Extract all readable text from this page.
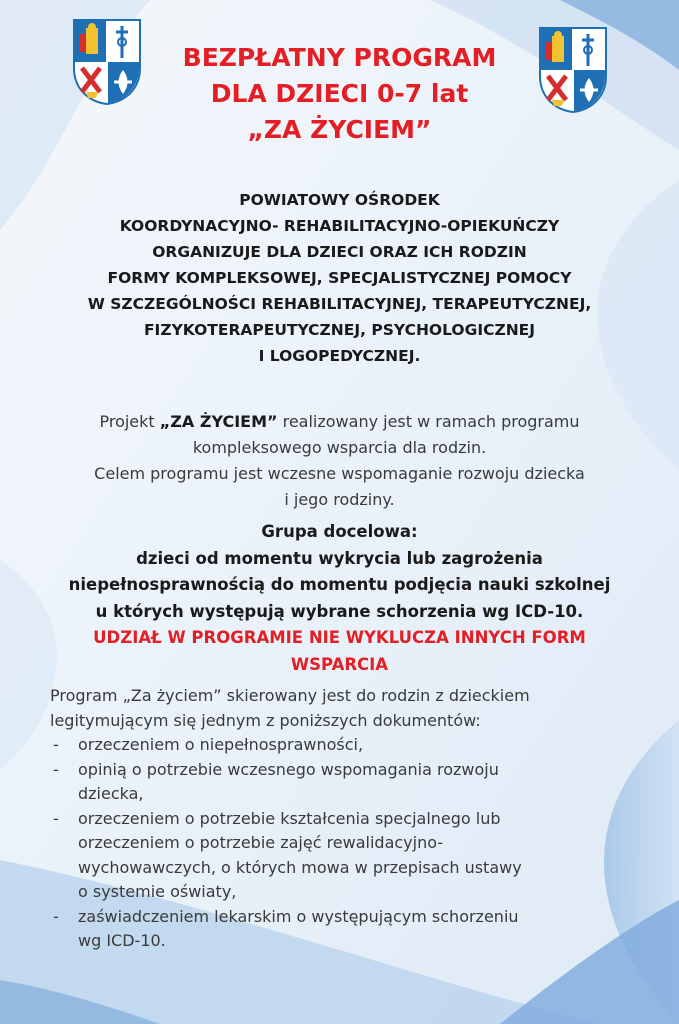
BEZPŁATNY PROGRAM
DLA DZIECI 0-7 lat
„ZA ŻYCIEM”
POWIATOWY OŚRODEK
KOORDYNACYJNO- REHABILITACYJNO-OPIEKUŃCZY
ORGANIZUJE DLA DZIECI ORAZ ICH RODZIN
FORMY KOMPLEKSOWEJ, SPECJALISTYCZNEJ POMOCY
W SZCZEGÓLNOŚCI REHABILITACYJNEJ, TERAPEUTYCZNEJ,
FIZYKOTERAPEUTYCZNEJ, PSYCHOLOGICZNEJ
I LOGOPEDYCZNEJ.
Projekt „ZA ŻYCIEM” realizowany jest w ramach programu
kompleksowego wsparcia dla rodzin.
Celem programu jest wczesne wspomaganie rozwoju dziecka
i jego rodziny.
Grupa docelowa:
dzieci od momentu wykrycia lub zagrożenia
niepełnosprawnością do momentu podjęcia nauki szkolnej
u których występują wybrane schorzenia wg ICD-10.
UDZIAŁ W PROGRAMIE NIE WYKLUCZA INNYCH FORM
WSPARCIA
Program „Za życiem” skierowany jest do rodzin z dzieckiem
legitymującym się jednym z poniższych dokumentów:
- orzeczeniem o niepełnosprawności,
- opinią o potrzebie wczesnego wspomagania rozwoju
dziecka,
- orzeczeniem o potrzebie kształcenia specjalnego lub
orzeczeniem o potrzebie zajęć rewalidacyjno-
wychowawczych, o których mowa w przepisach ustawy
o systemie oświaty,
- zaświadczeniem lekarskim o występującym schorzeniu
wg ICD-10.
